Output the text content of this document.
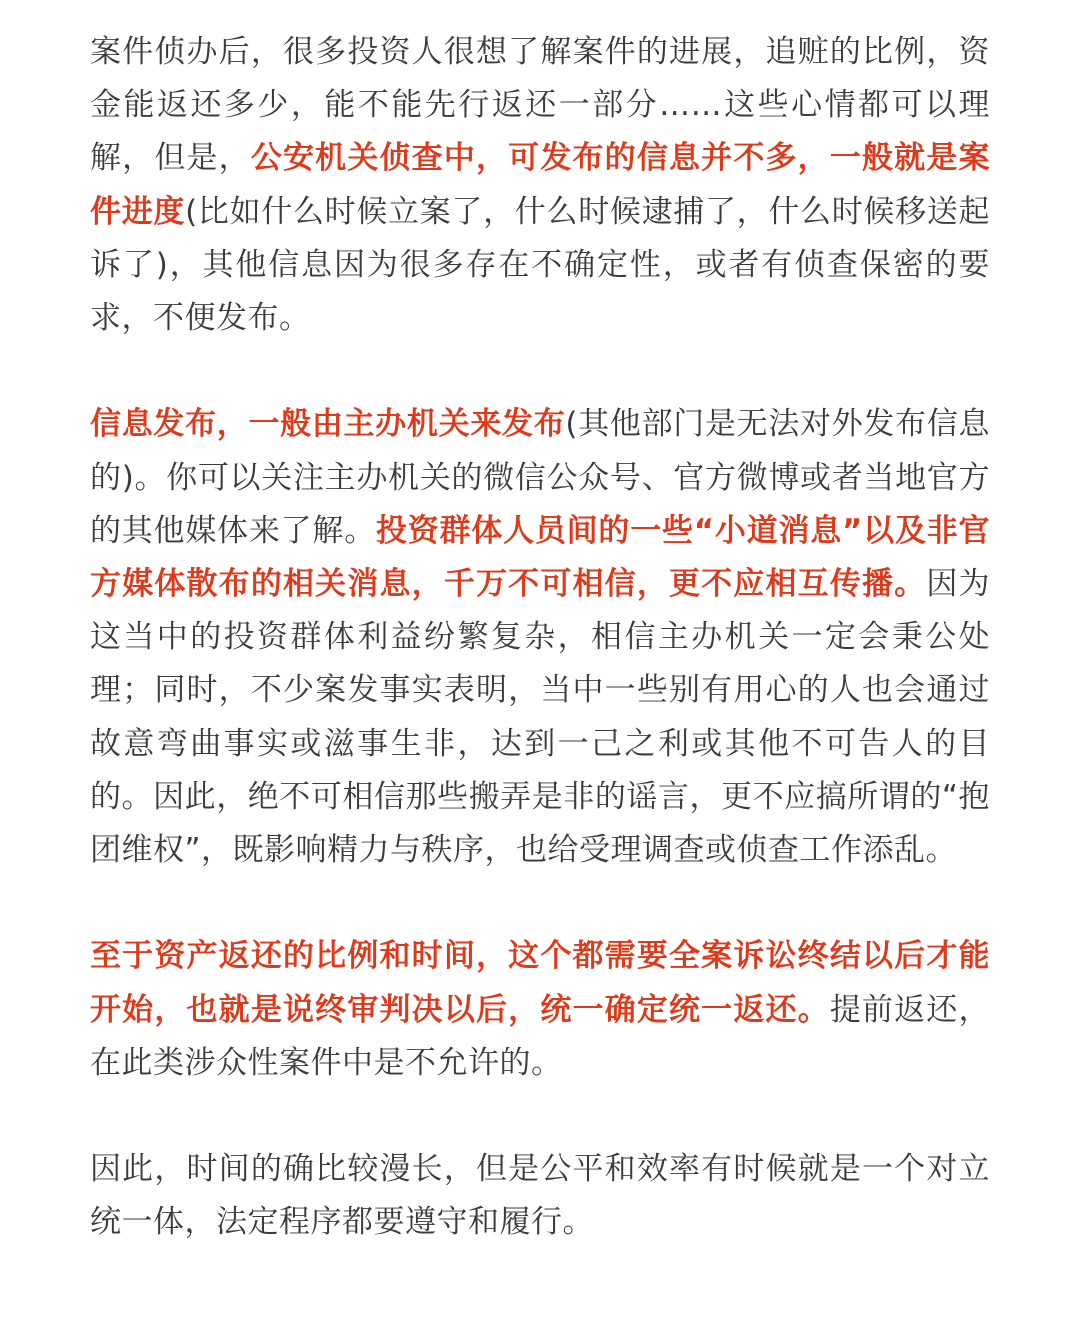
案件侦办后，很多投资人很想了解案件的进展，追赃的比例，资金能返还多少，能不能先行返还一部分……这些心情都可以理解，但是，公安机关侦查中，可发布的信息并不多，一般就是案件进度(比如什么时候立案了，什么时候逮捕了，什么时候移送起诉了)，其他信息因为很多存在不确定性，或者有侦查保密的要求，不便发布。

信息发布，一般由主办机关来发布(其他部门是无法对外发布信息的)。你可以关注主办机关的微信公众号、官方微博或者当地官方的其他媒体来了解。投资群体人员间的一些“小道消息”以及非官方媒体散布的相关消息，千万不可相信，更不应相互传播。因为这当中的投资群体利益纷繁复杂，相信主办机关一定会秉公处理；同时，不少案发事实表明，当中一些别有用心的人也会通过故意弯曲事实或滋事生非，达到一己之利或其他不可告人的目的。因此，绝不可相信那些搬弄是非的谣言，更不应搞所谓的“抱团维权”，既影响精力与秩序，也给受理调查或侦查工作添乱。

至于资产返还的比例和时间，这个都需要全案诉讼终结以后才能开始，也就是说终审判决以后，统一确定统一返还。提前返还，在此类涉众性案件中是不允许的。

因此，时间的确比较漫长，但是公平和效率有时候就是一个对立统一体，法定程序都要遵守和履行。
